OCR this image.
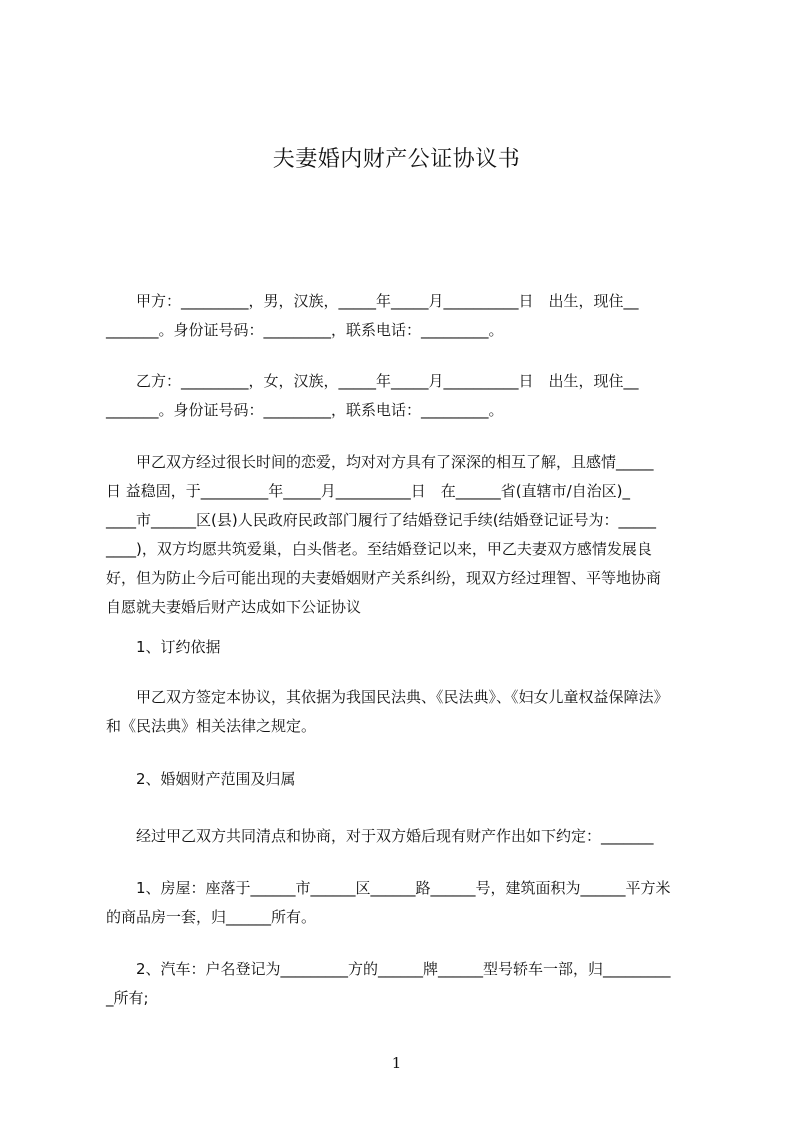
夫妻婚内财产公证协议书
甲方：_________，男，汉族，_____年_____月__________日　出生，现住__
_______。身份证号码：_________，联系电话：_________。
乙方：_________，女，汉族，_____年_____月__________日　出生，现住__
_______。身份证号码：_________，联系电话：_________。
甲乙双方经过很长时间的恋爱，均对对方具有了深深的相互了解，且感情_____
日 益稳固，于_________年_____月__________日　在______省(直辖市/自治区)_
____市______区(县)人民政府民政部门履行了结婚登记手续(结婚登记证号为：_____
____)，双方均愿共筑爱巢，白头偕老。至结婚登记以来，甲乙夫妻双方感情发展良
好，但为防止今后可能出现的夫妻婚姻财产关系纠纷，现双方经过理智、平等地协商
自愿就夫妻婚后财产达成如下公证协议
1、订约依据
甲乙双方签定本协议，其依据为我国民法典、《民法典》、《妇女儿童权益保障法》
和《民法典》相关法律之规定。
2、婚姻财产范围及归属
经过甲乙双方共同清点和协商，对于双方婚后现有财产作出如下约定：_______
1、房屋：座落于______市______区______路______号，建筑面积为______平方米
的商品房一套，归______所有。
2、汽车：户名登记为_________方的______牌______型号轿车一部，归_________
_所有;
1
